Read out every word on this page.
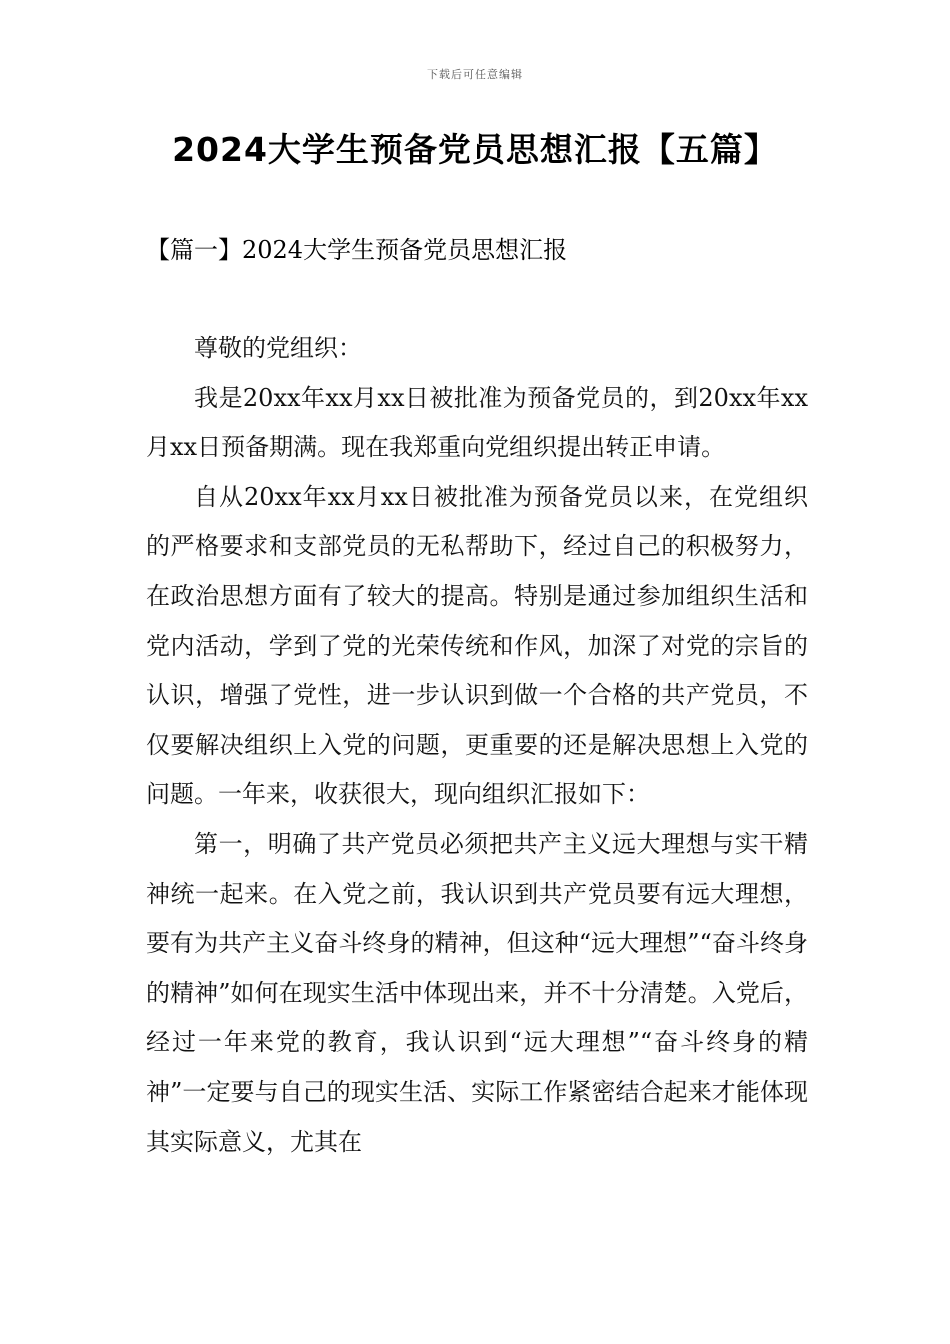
下载后可任意编辑
2024大学生预备党员思想汇报【五篇】
【篇一】2024大学生预备党员思想汇报

尊敬的党组织：

我是20xx年xx月xx日被批准为预备党员的，到20xx年xx月xx日预备期满。现在我郑重向党组织提出转正申请。

自从20xx年xx月xx日被批准为预备党员以来，在党组织的严格要求和支部党员的无私帮助下，经过自己的积极努力，在政治思想方面有了较大的提高。特别是通过参加组织生活和党内活动，学到了党的光荣传统和作风，加深了对党的宗旨的认识，增强了党性，进一步认识到做一个合格的共产党员，不仅要解决组织上入党的问题，更重要的还是解决思想上入党的问题。一年来，收获很大，现向组织汇报如下：

第一，明确了共产党员必须把共产主义远大理想与实干精神统一起来。在入党之前，我认识到共产党员要有远大理想，要有为共产主义奋斗终身的精神，但这种“远大理想”“奋斗终身的精神”如何在现实生活中体现出来，并不十分清楚。入党后，经过一年来党的教育，我认识到“远大理想”“奋斗终身的精神”一定要与自己的现实生活、实际工作紧密结合起来才能体现其实际意义，尤其在
